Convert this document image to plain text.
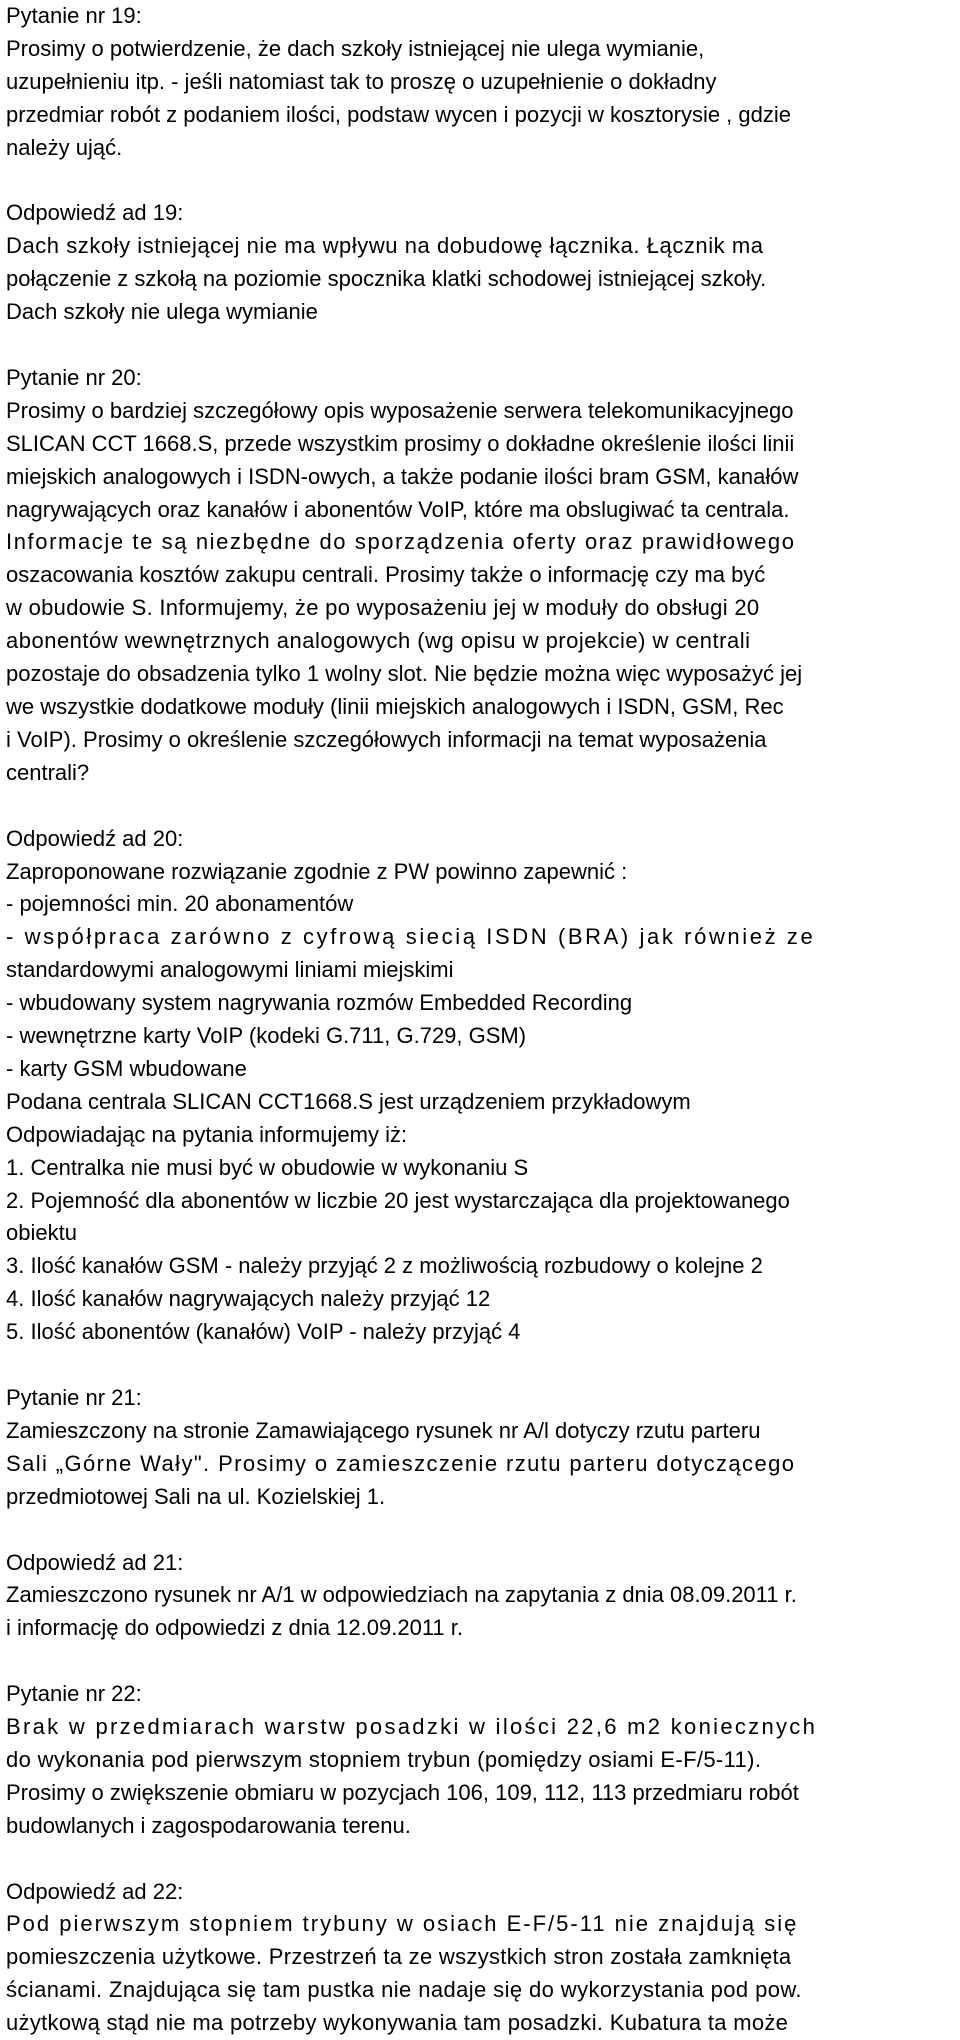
Pytanie nr 19:
Prosimy o potwierdzenie, że dach szkoły istniejącej nie ulega wymianie,
uzupełnieniu itp. - jeśli natomiast tak to proszę o uzupełnienie o dokładny
przedmiar robót z podaniem ilości, podstaw wycen i pozycji w kosztorysie , gdzie
należy ująć.
Odpowiedź ad 19:
Dach szkoły istniejącej nie ma wpływu na dobudowę łącznika. Łącznik ma
połączenie z szkołą na poziomie spocznika klatki schodowej istniejącej szkoły.
Dach szkoły nie ulega wymianie
Pytanie nr 20:
Prosimy o bardziej szczegółowy opis wyposażenie serwera telekomunikacyjnego
SLICAN CCT 1668.S, przede wszystkim prosimy o dokładne określenie ilości linii
miejskich analogowych i ISDN-owych, a także podanie ilości bram GSM, kanałów
nagrywających oraz kanałów i abonentów VoIP, które ma obslugiwać ta centrala.
Informacje te są niezbędne do sporządzenia oferty oraz prawidłowego
oszacowania kosztów zakupu centrali. Prosimy także o informację czy ma być
w obudowie S. Informujemy, że po wyposażeniu jej w moduły do obsługi 20
abonentów wewnętrznych analogowych (wg opisu w projekcie) w centrali
pozostaje do obsadzenia tylko 1 wolny slot. Nie będzie można więc wyposażyć jej
we wszystkie dodatkowe moduły (linii miejskich analogowych i ISDN, GSM, Rec
i VoIP). Prosimy o określenie szczegółowych informacji na temat wyposażenia
centrali?
Odpowiedź ad 20:
Zaproponowane rozwiązanie zgodnie z PW powinno zapewnić :
- pojemności min. 20 abonamentów
- współpraca zarówno z cyfrową siecią ISDN (BRA) jak również ze
standardowymi analogowymi liniami miejskimi
- wbudowany system nagrywania rozmów Embedded Recording
- wewnętrzne karty VoIP (kodeki G.711, G.729, GSM)
- karty GSM wbudowane
Podana centrala SLICAN CCT1668.S jest urządzeniem przykładowym
Odpowiadając na pytania informujemy iż:
1. Centralka nie musi być w obudowie w wykonaniu S
2. Pojemność dla abonentów w liczbie 20 jest wystarczająca dla projektowanego
obiektu
3. Ilość kanałów GSM - należy przyjąć 2 z możliwością rozbudowy o kolejne 2
4. Ilość kanałów nagrywających należy przyjąć 12
5. Ilość abonentów (kanałów) VoIP - należy przyjąć 4
Pytanie nr 21:
Zamieszczony na stronie Zamawiającego rysunek nr A/l dotyczy rzutu parteru
Sali „Górne Wały". Prosimy o zamieszczenie rzutu parteru dotyczącego
przedmiotowej Sali na ul. Kozielskiej 1.
Odpowiedź ad 21:
Zamieszczono rysunek nr A/1 w odpowiedziach na zapytania z dnia 08.09.2011 r.
i informację do odpowiedzi z dnia 12.09.2011 r.
Pytanie nr 22:
Brak w przedmiarach warstw posadzki w ilości 22,6 m2 koniecznych
do wykonania pod pierwszym stopniem trybun (pomiędzy osiami E-F/5-11).
Prosimy o zwiększenie obmiaru w pozycjach 106, 109, 112, 113 przedmiaru robót
budowlanych i zagospodarowania terenu.
Odpowiedź ad 22:
Pod pierwszym stopniem trybuny w osiach E-F/5-11 nie znajdują się
pomieszczenia użytkowe. Przestrzeń ta ze wszystkich stron została zamknięta
ścianami. Znajdująca się tam pustka nie nadaje się do wykorzystania pod pow.
użytkową stąd nie ma potrzeby wykonywania tam posadzki. Kubatura ta może
